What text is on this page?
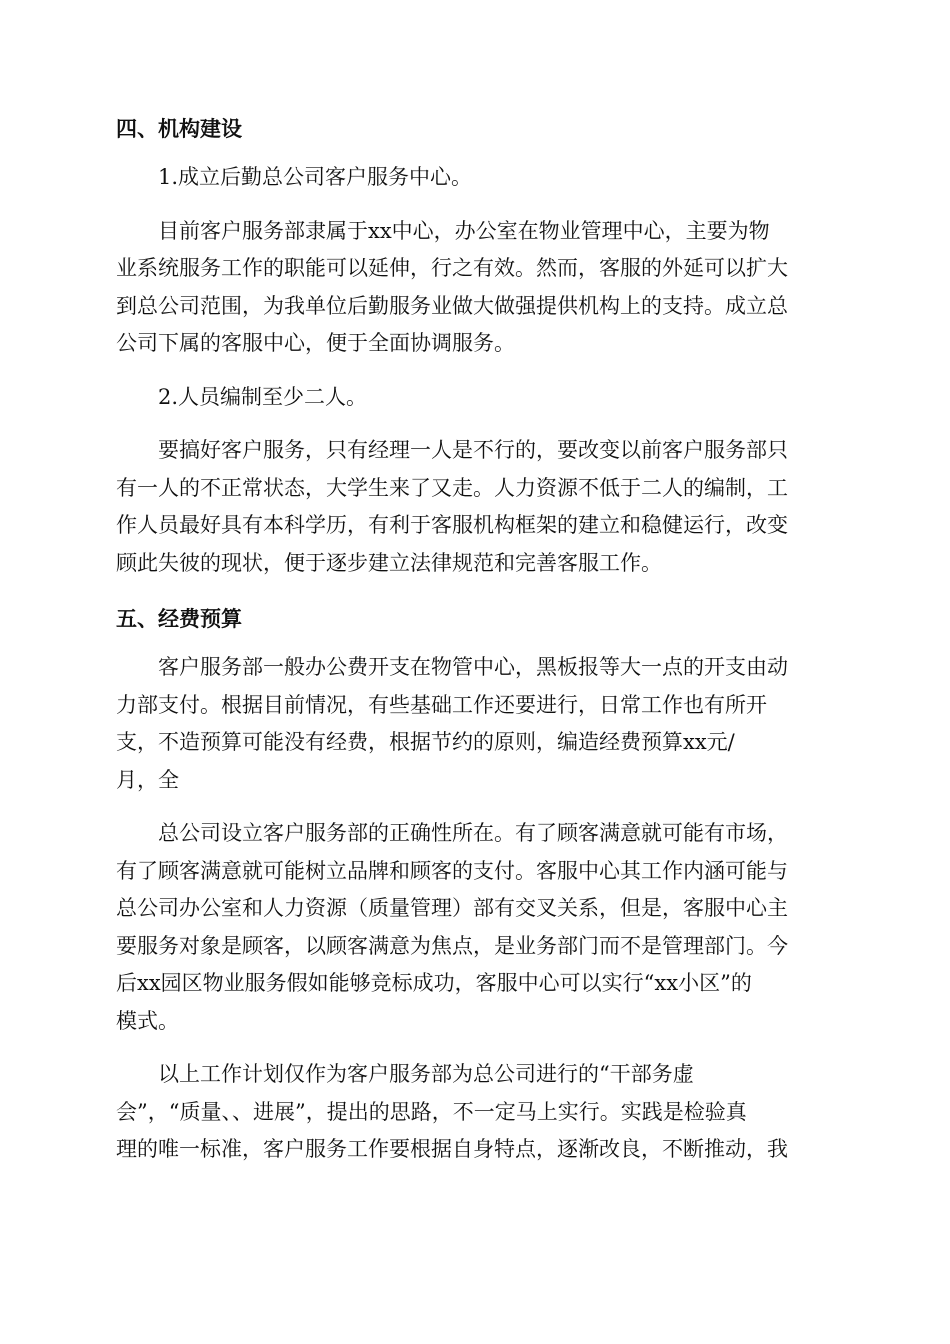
四、机构建设

1.成立后勤总公司客户服务中心。

目前客户服务部隶属于xx中心，办公室在物业管理中心，主要为物
业系统服务工作的职能可以延伸，行之有效。然而，客服的外延可以扩大
到总公司范围，为我单位后勤服务业做大做强提供机构上的支持。成立总
公司下属的客服中心，便于全面协调服务。

2.人员编制至少二人。

要搞好客户服务，只有经理一人是不行的，要改变以前客户服务部只
有一人的不正常状态，大学生来了又走。人力资源不低于二人的编制，工
作人员最好具有本科学历，有利于客服机构框架的建立和稳健运行，改变
顾此失彼的现状，便于逐步建立法律规范和完善客服工作。

五、经费预算

客户服务部一般办公费开支在物管中心，黑板报等大一点的开支由动
力部支付。根据目前情况，有些基础工作还要进行，日常工作也有所开
支，不造预算可能没有经费，根据节约的原则，编造经费预算xx元/
月，全

总公司设立客户服务部的正确性所在。有了顾客满意就可能有市场，
有了顾客满意就可能树立品牌和顾客的支付。客服中心其工作内涵可能与
总公司办公室和人力资源（质量管理）部有交叉关系，但是，客服中心主
要服务对象是顾客，以顾客满意为焦点，是业务部门而不是管理部门。今
后xx园区物业服务假如能够竞标成功，客服中心可以实行“xx小区”的
模式。

以上工作计划仅作为客户服务部为总公司进行的“干部务虚
会”，“质量、、进展”，提出的思路，不一定马上实行。实践是检验真
理的唯一标准，客户服务工作要根据自身特点，逐渐改良，不断推动，我
